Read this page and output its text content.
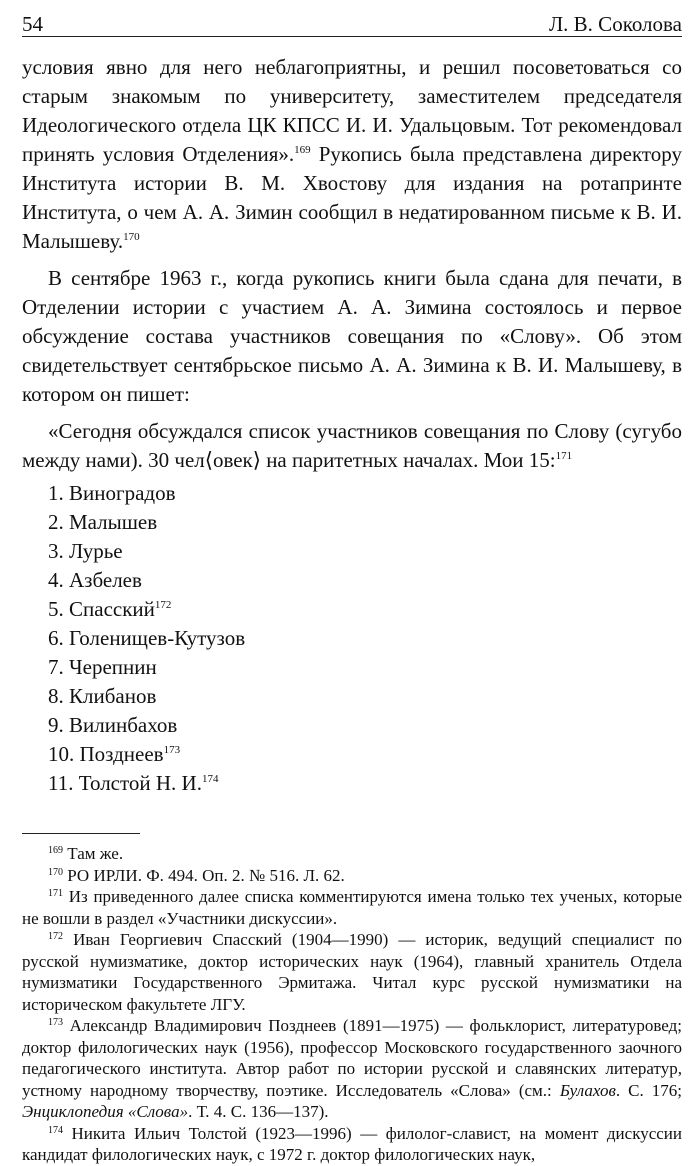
54	Л. В. Соколова

условия явно для него неблагоприятны, и решил посоветоваться со старым знакомым по университету, заместителем председателя Идеологического отдела ЦК КПСС И. И. Удальцовым. Тот рекомендовал принять условия Отделения».$^{169}$ Рукопись была представлена директору Института истории В. М. Хвостову для издания на ротапринте Института, о чем А. А. Зимин сообщил в недатированном письме к В. И. Малышеву.$^{170}$

В сентябре 1963 г., когда рукопись книги была сдана для печати, в Отделении истории с участием А. А. Зимина состоялось и первое обсуждение состава участников совещания по «Слову». Об этом свидетельствует сентябрьское письмо А. А. Зимина к В. И. Малышеву, в котором он пишет:

«Сегодня обсуждался список участников совещания по Слову (сугубо между нами). 30 чел⟨овек⟩ на паритетных началах. Мои 15:$^{171}$

1. Виноградов
2. Малышев
3. Лурье
4. Азбелев
5. Спасский$^{172}$
6. Голенищев-Кутузов
7. Черепнин
8. Клибанов
9. Вилинбахов
10. Позднеев$^{173}$
11. Толстой Н. И.$^{174}$

$^{169}$ Там же.

$^{170}$ РО ИРЛИ. Ф. 494. Оп. 2. № 516. Л. 62.

$^{171}$ Из приведенного далее списка комментируются имена только тех ученых, которые не вошли в раздел «Участники дискуссии».

$^{172}$ Иван Георгиевич Спасский (1904—1990) — историк, ведущий специалист по русской нумизматике, доктор исторических наук (1964), главный хранитель Отдела нумизматики Государственного Эрмитажа. Читал курс русской нумизматики на историческом факультете ЛГУ.

$^{173}$ Александр Владимирович Позднеев (1891—1975) — фольклорист, литературовед; доктор филологических наук (1956), профессор Московского государственного заочного педагогического института. Автор работ по истории русской и славянских литератур, устному народному творчеству, поэтике. Исследователь «Слова» (см.: Булахов. С. 176; Энциклопедия «Слова». Т. 4. С. 136—137).

$^{174}$ Никита Ильич Толстой (1923—1996) — филолог-славист, на момент дискуссии кандидат филологических наук, с 1972 г. доктор филологических наук,
